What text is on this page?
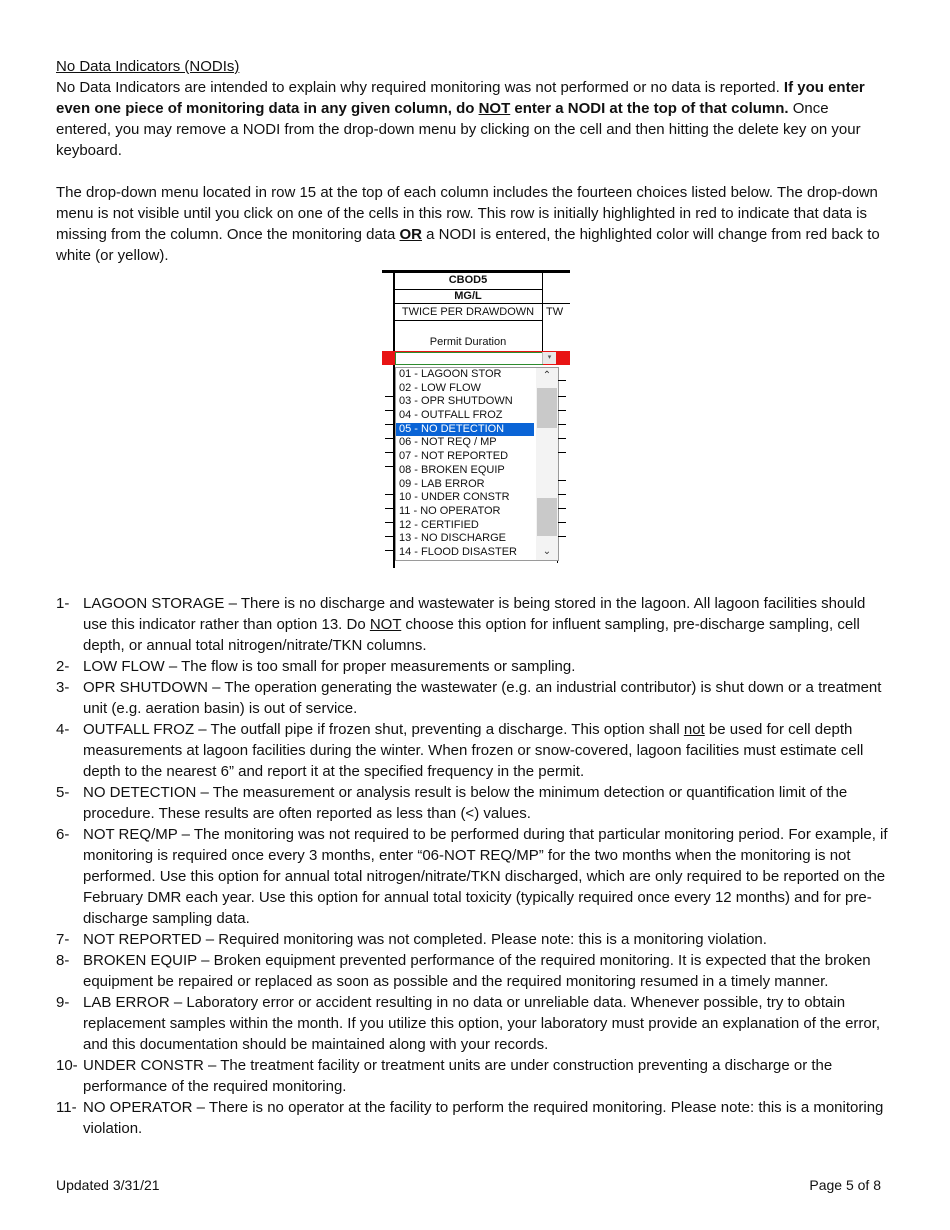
No Data Indicators (NODIs)

No Data Indicators are intended to explain why required monitoring was not performed or no data is reported. If you enter even one piece of monitoring data in any given column, do NOT enter a NODI at the top of that column. Once entered, you may remove a NODI from the drop-down menu by clicking on the cell and then hitting the delete key on your keyboard.

The drop-down menu located in row 15 at the top of each column includes the fourteen choices listed below. The drop-down menu is not visible until you click on one of the cells in this row. This row is initially highlighted in red to indicate that data is missing from the column. Once the monitoring data OR a NODI is entered, the highlighted color will change from red back to white (or yellow).

CBOD5
MG/L
TWICE PER DRAWDOWN	TW
Permit Duration
▾
01 - LAGOON STOR
02 - LOW FLOW
03 - OPR SHUTDOWN
04 - OUTFALL FROZ
05 - NO DETECTION
06 - NOT REQ / MP
07 - NOT REPORTED
08 - BROKEN EQUIP
09 - LAB ERROR
10 - UNDER CONSTR
11 - NO OPERATOR
12 - CERTIFIED
13 - NO DISCHARGE
14 - FLOOD DISASTER
⌃
⌄
1- LAGOON STORAGE – There is no discharge and wastewater is being stored in the lagoon. All lagoon facilities should use this indicator rather than option 13. Do NOT choose this option for influent sampling, pre-discharge sampling, cell depth, or annual total nitrogen/nitrate/TKN columns.
2- LOW FLOW – The flow is too small for proper measurements or sampling.
3- OPR SHUTDOWN – The operation generating the wastewater (e.g. an industrial contributor) is shut down or a treatment unit (e.g. aeration basin) is out of service.
4- OUTFALL FROZ – The outfall pipe if frozen shut, preventing a discharge. This option shall not be used for cell depth measurements at lagoon facilities during the winter. When frozen or snow-covered, lagoon facilities must estimate cell depth to the nearest 6” and report it at the specified frequency in the permit.
5- NO DETECTION – The measurement or analysis result is below the minimum detection or quantification limit of the procedure. These results are often reported as less than (<) values.
6- NOT REQ/MP – The monitoring was not required to be performed during that particular monitoring period. For example, if monitoring is required once every 3 months, enter “06-NOT REQ/MP” for the two months when the monitoring is not performed. Use this option for annual total nitrogen/nitrate/TKN discharged, which are only required to be reported on the February DMR each year. Use this option for annual total toxicity (typically required once every 12 months) and for pre-discharge sampling data.
7- NOT REPORTED – Required monitoring was not completed. Please note: this is a monitoring violation.
8- BROKEN EQUIP – Broken equipment prevented performance of the required monitoring. It is expected that the broken equipment be repaired or replaced as soon as possible and the required monitoring resumed in a timely manner.
9- LAB ERROR – Laboratory error or accident resulting in no data or unreliable data. Whenever possible, try to obtain replacement samples within the month. If you utilize this option, your laboratory must provide an explanation of the error, and this documentation should be maintained along with your records.
10- UNDER CONSTR – The treatment facility or treatment units are under construction preventing a discharge or the performance of the required monitoring.
11- NO OPERATOR – There is no operator at the facility to perform the required monitoring. Please note: this is a monitoring violation.
Updated 3/31/21	Page 5 of 8
